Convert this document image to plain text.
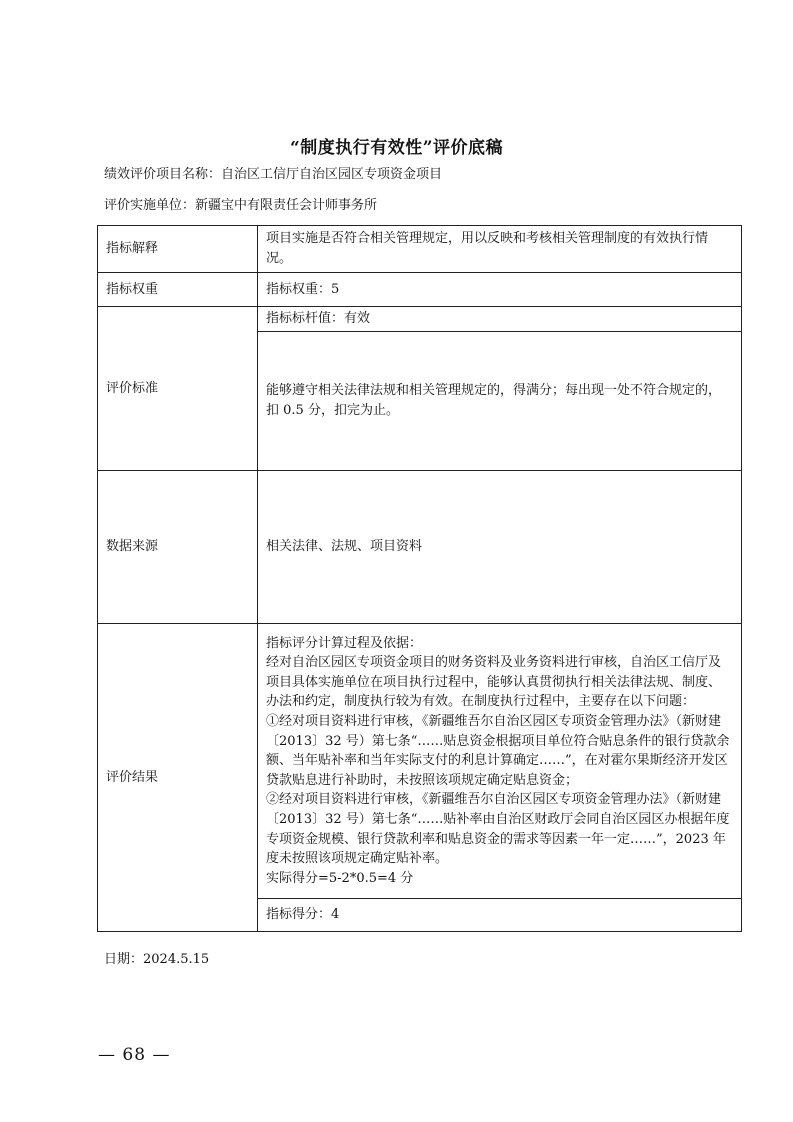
“制度执行有效性”评价底稿
绩效评价项目名称：自治区工信厅自治区园区专项资金项目
评价实施单位：新疆宝中有限责任会计师事务所
指标解释	项目实施是否符合相关管理规定，用以反映和考核相关管理制度的有效执行情况。
指标权重	指标权重：5
评价标准	指标标杆值：有效
	能够遵守相关法律法规和相关管理规定的，得满分；每出现一处不符合规定的，扣 0.5 分，扣完为止。
数据来源	相关法律、法规、项目资料
评价结果	指标评分计算过程及依据：
经对自治区园区专项资金项目的财务资料及业务资料进行审核，自治区工信厅及项目具体实施单位在项目执行过程中，能够认真贯彻执行相关法律法规、制度、办法和约定，制度执行较为有效。在制度执行过程中，主要存在以下问题：
①经对项目资料进行审核，《新疆维吾尔自治区园区专项资金管理办法》（新财建〔2013〕32 号）第七条“……贴息资金根据项目单位符合贴息条件的银行贷款余额、当年贴补率和当年实际支付的利息计算确定……”，在对霍尔果斯经济开发区贷款贴息进行补助时，未按照该项规定确定贴息资金；
②经对项目资料进行审核，《新疆维吾尔自治区园区专项资金管理办法》（新财建〔2013〕32 号）第七条“……贴补率由自治区财政厅会同自治区园区办根据年度专项资金规模、银行贷款利率和贴息资金的需求等因素一年一定……”，2023 年度未按照该项规定确定贴补率。
实际得分=5-2*0.5=4 分

	指标得分：4
日期：2024.5.15
— 68 —
